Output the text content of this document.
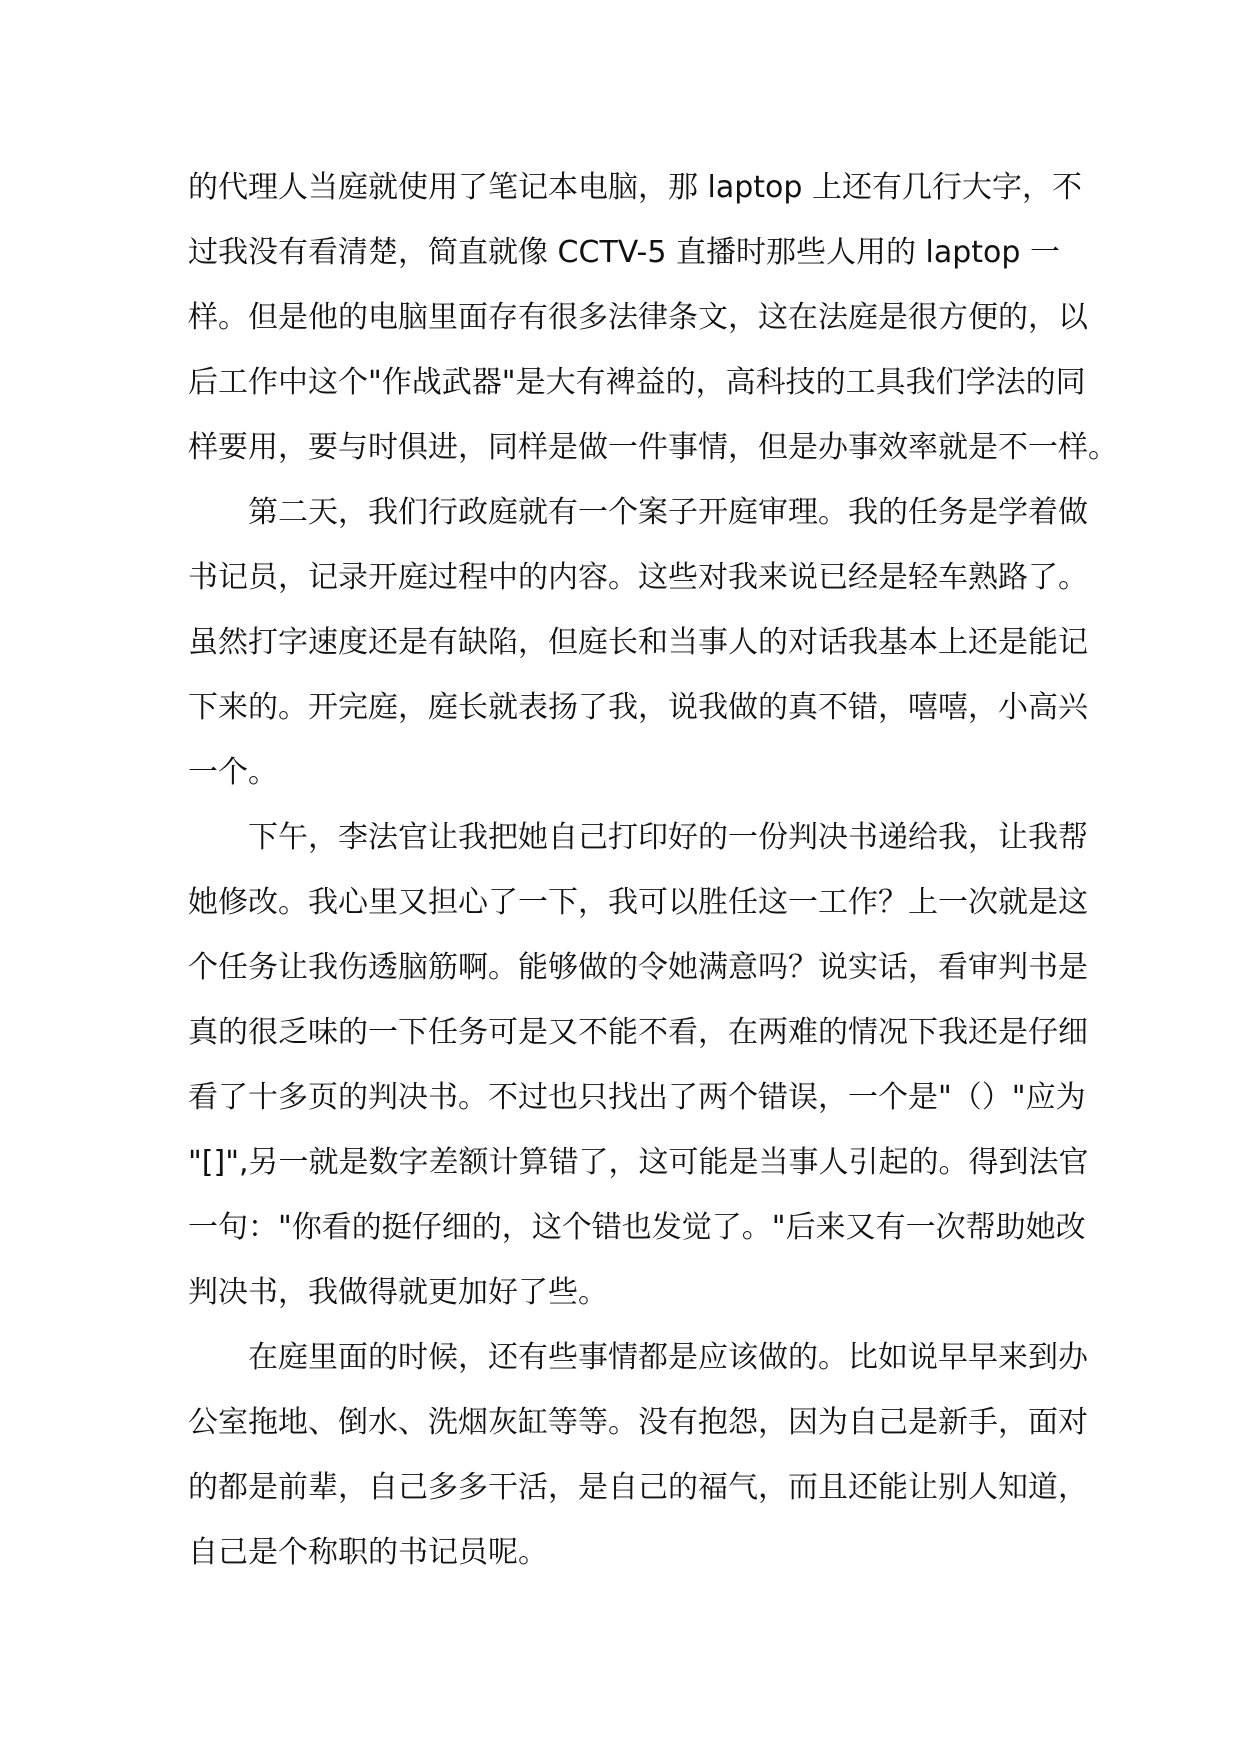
的代理人当庭就使用了笔记本电脑，那 laptop 上还有几行大字，不
过我没有看清楚，简直就像 CCTV-5 直播时那些人用的 laptop 一
样。但是他的电脑里面存有很多法律条文，这在法庭是很方便的，以
后工作中这个"作战武器"是大有裨益的，高科技的工具我们学法的同
样要用，要与时俱进，同样是做一件事情，但是办事效率就是不一样。
第二天，我们行政庭就有一个案子开庭审理。我的任务是学着做
书记员，记录开庭过程中的内容。这些对我来说已经是轻车熟路了。
虽然打字速度还是有缺陷，但庭长和当事人的对话我基本上还是能记
下来的。开完庭，庭长就表扬了我，说我做的真不错，嘻嘻，小高兴
一个。
下午，李法官让我把她自己打印好的一份判决书递给我，让我帮
她修改。我心里又担心了一下，我可以胜任这一工作？上一次就是这
个任务让我伤透脑筋啊。能够做的令她满意吗？说实话，看审判书是
真的很乏味的一下任务可是又不能不看，在两难的情况下我还是仔细
看了十多页的判决书。不过也只找出了两个错误，一个是"（）"应为
"[]",另一就是数字差额计算错了，这可能是当事人引起的。得到法官
一句："你看的挺仔细的，这个错也发觉了。"后来又有一次帮助她改
判决书，我做得就更加好了些。
在庭里面的时候，还有些事情都是应该做的。比如说早早来到办
公室拖地、倒水、洗烟灰缸等等。没有抱怨，因为自己是新手，面对
的都是前辈，自己多多干活，是自己的福气，而且还能让别人知道，
自己是个称职的书记员呢。
